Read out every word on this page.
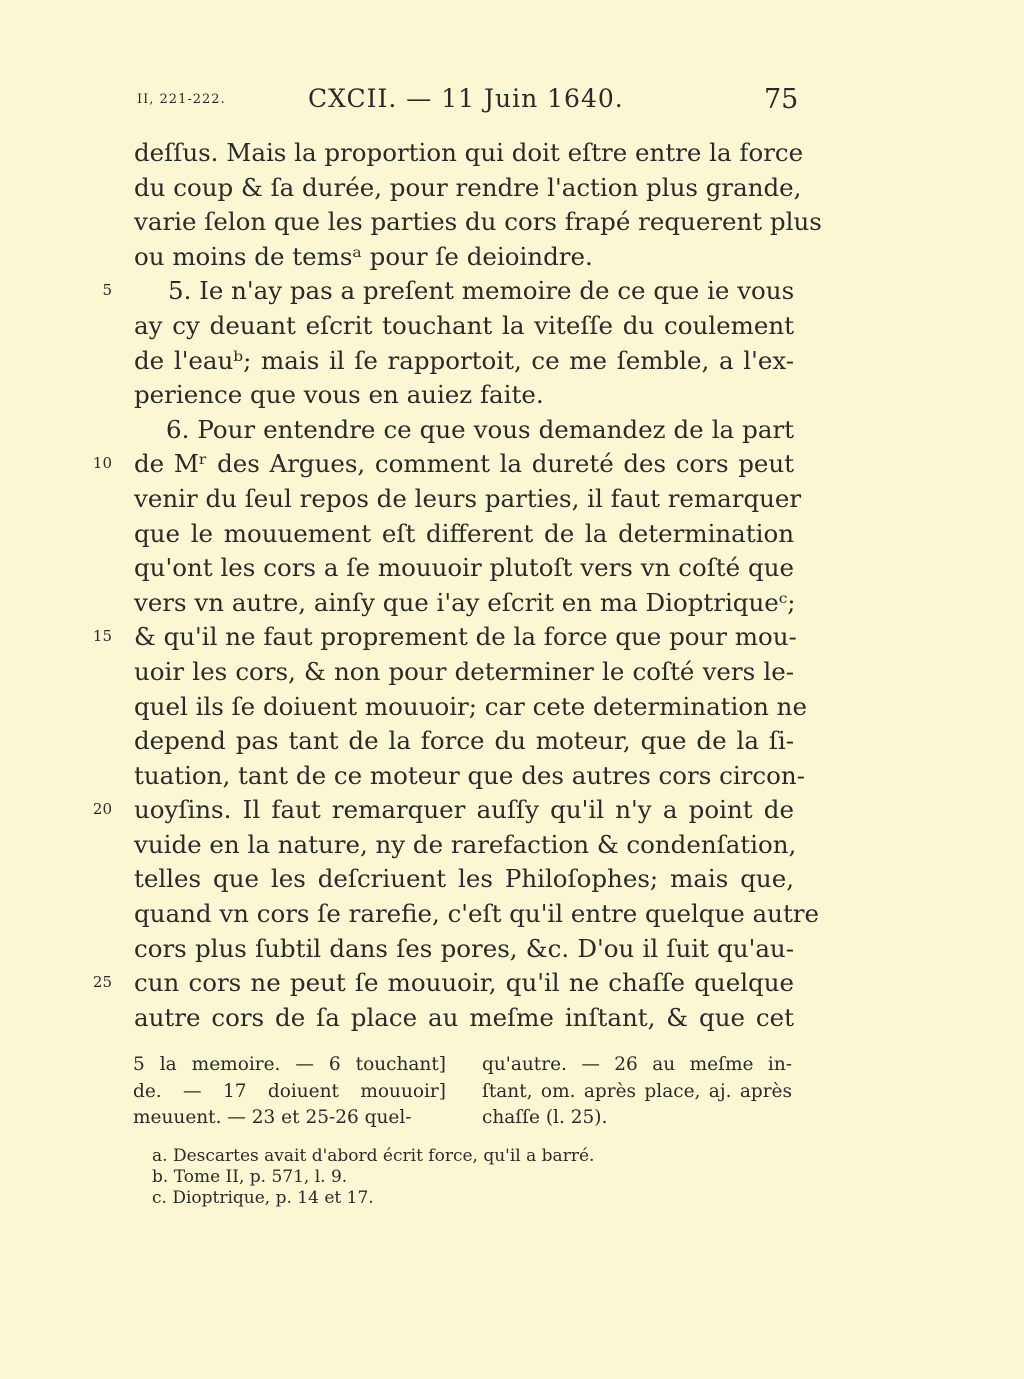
II, 221-222.	CXCII. — 11 Juin 1640.	75
deſſus. Mais la proportion qui doit eſtre entre la force
du coup & ſa durée, pour rendre l'action plus grande,
varie ſelon que les parties du cors frapé requerent plus
ou moins de temsᵃ pour ſe deioindre.
5 5. Ie n'ay pas a preſent memoire de ce que ie vous
ay cy deuant eſcrit touchant la viteſſe du coulement
de l'eauᵇ; mais il ſe rapportoit, ce me ſemble, a l'ex-
perience que vous en auiez faite.
6. Pour entendre ce que vous demandez de la part
10 de Mʳ des Argues, comment la dureté des cors peut
venir du ſeul repos de leurs parties, il faut remarquer
que le mouuement eſt different de la determination
qu'ont les cors a ſe mouuoir plutoſt vers vn coſté que
vers vn autre, ainſy que i'ay eſcrit en ma Dioptriqueᶜ;
15 & qu'il ne faut proprement de la force que pour mou-
uoir les cors, & non pour determiner le coſté vers le-
quel ils ſe doiuent mouuoir; car cete determination ne
depend pas tant de la force du moteur, que de la ſi-
tuation, tant de ce moteur que des autres cors circon-
20 uoyſins. Il faut remarquer auſſy qu'il n'y a point de
vuide en la nature, ny de rarefaction & condenſation,
telles que les deſcriuent les Philoſophes; mais que,
quand vn cors ſe rarefie, c'eſt qu'il entre quelque autre
cors plus ſubtil dans ſes pores, &c. D'ou il ſuit qu'au-
25 cun cors ne peut ſe mouuoir, qu'il ne chaſſe quelque
autre cors de ſa place au meſme inſtant, & que cet
5 la memoire. — 6 touchant]
de. — 17 doiuent mouuoir]
meuuent. — 23 et 25-26 quel-
qu'autre. — 26 au meſme in-
ſtant, om. après place, aj. après
chaſſe (l. 25).
a. Descartes avait d'abord écrit force, qu'il a barré.
b. Tome II, p. 571, l. 9.
c. Dioptrique, p. 14 et 17.
